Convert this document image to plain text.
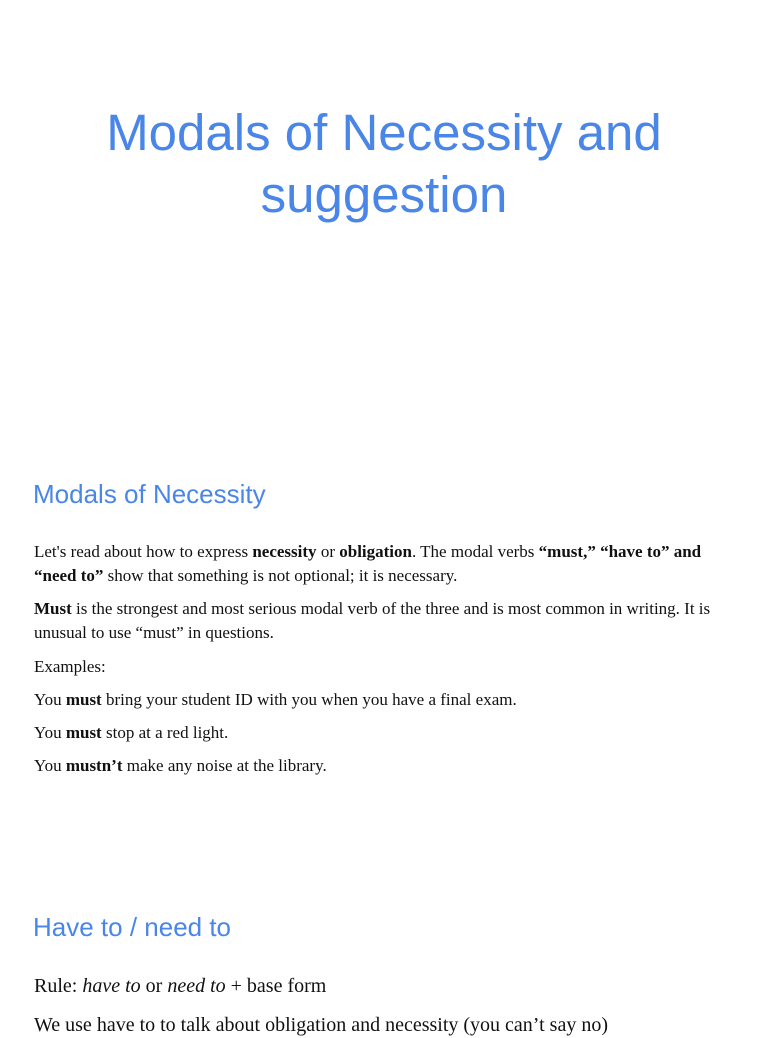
Modals of Necessity and suggestion
Modals of Necessity

Let's read about how to express necessity or obligation. The modal verbs “must,” “have to” and “need to” show that something is not optional; it is necessary.

Must is the strongest and most serious modal verb of the three and is most common in writing. It is unusual to use “must” in questions.

Examples:

You must bring your student ID with you when you have a final exam.

You must stop at a red light.

You mustn’t make any noise at the library.

Have to / need to

Rule: have to or need to + base form

We use have to to talk about obligation and necessity (you can’t say no)
